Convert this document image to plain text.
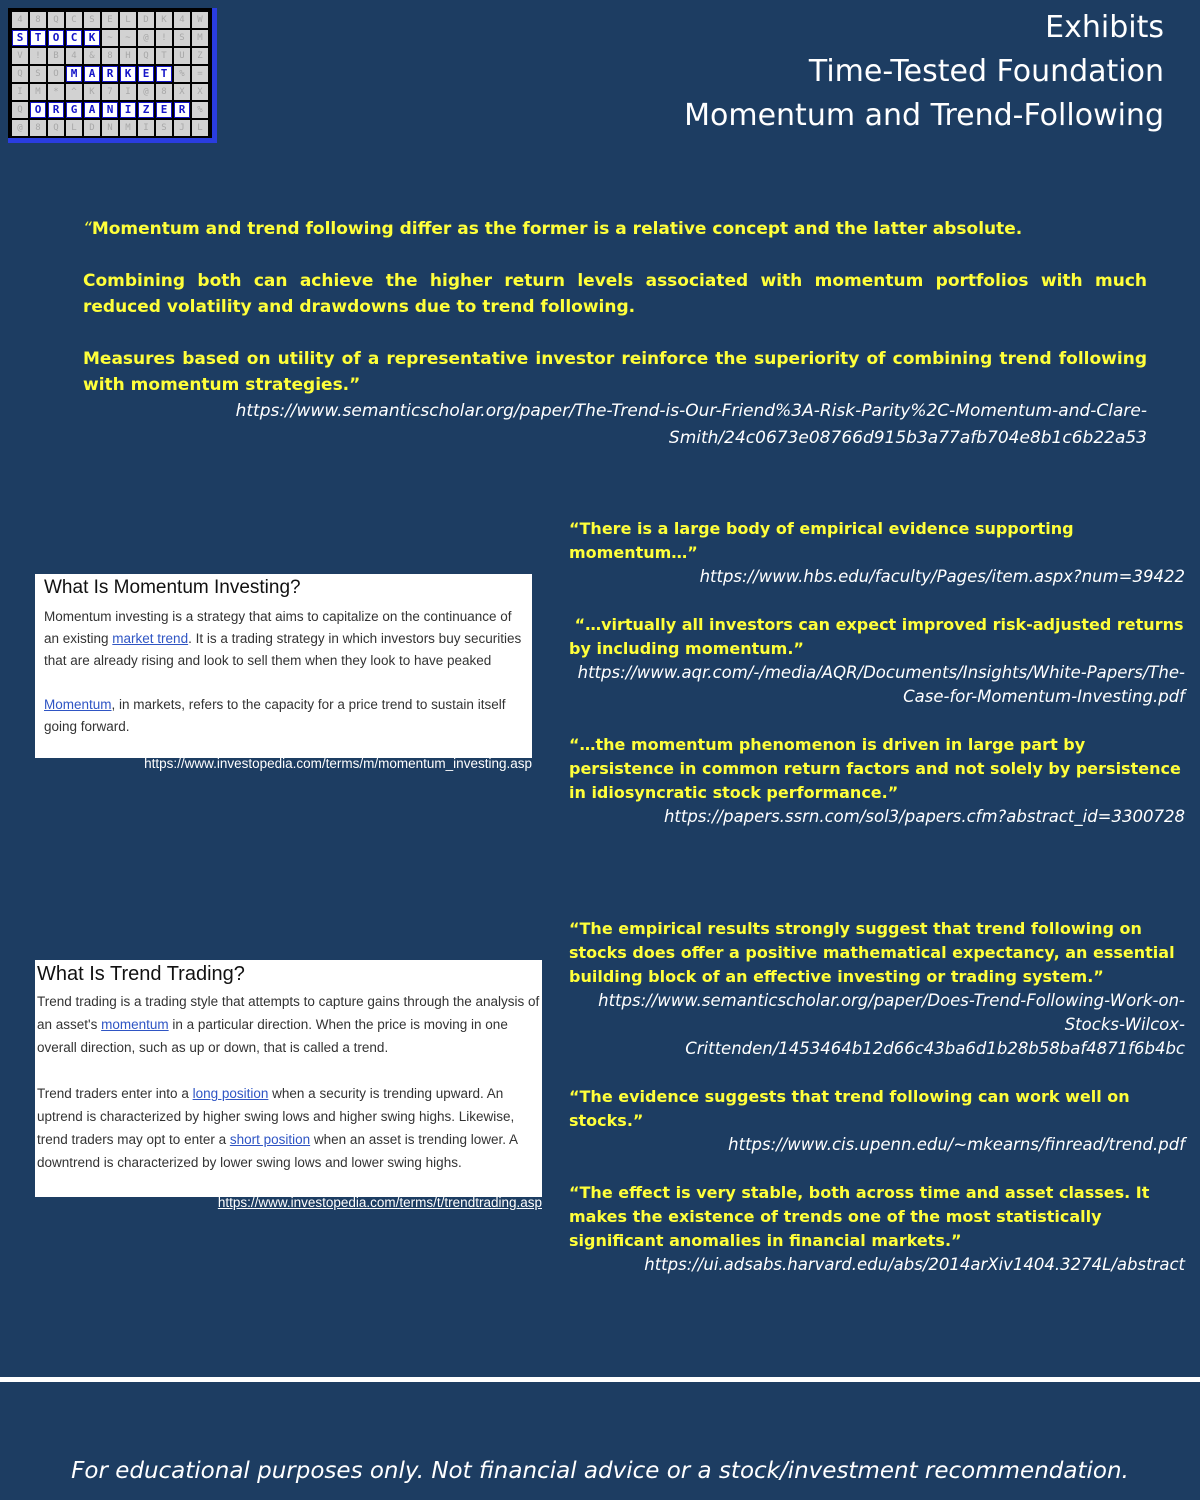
4	8	Q	C	S	E	L	D	K	4	W
S	T	O	C	K	~	~	@	!	S	M
V	!	B	4	&	8	H	Q	T	U	Z
Q	S	O	M	A	R	K	E	T	%	=
I	M	*	^	K	7	I	@	8	X	X
Q	O	R	G	A	N	I	Z	E	R	%
@	8	Q	L	D	N	M	I	S	J	L
Exhibits
Time-Tested Foundation
Momentum and Trend-Following

“Momentum and trend following differ as the former is a relative concept and the latter absolute.

Combining both can achieve the higher return levels associated with momentum portfolios with much reduced volatility and drawdowns due to trend following.

Measures based on utility of a representative investor reinforce the superiority of combining trend following with momentum strategies.”

https://www.semanticscholar.org/paper/The-Trend-is-Our-Friend%3A-Risk-Parity%2C-Momentum-and-Clare-Smith/24c0673e08766d915b3a77afb704e8b1c6b22a53
“There is a large body of empirical evidence supporting momentum…”
https://www.hbs.edu/faculty/Pages/item.aspx?num=39422
“…virtually all investors can expect improved risk-adjusted returns by including momentum.”
https://www.aqr.com/-/media/AQR/Documents/Insights/White-Papers/The-Case-for-Momentum-Investing.pdf
“…the momentum phenomenon is driven in large part by persistence in common return factors and not solely by persistence in idiosyncratic stock performance.”
https://papers.ssrn.com/sol3/papers.cfm?abstract_id=3300728
What Is Momentum Investing?

Momentum investing is a strategy that aims to capitalize on the continuance of an existing market trend. It is a trading strategy in which investors buy securities that are already rising and look to sell them when they look to have peaked

Momentum, in markets, refers to the capacity for a price trend to sustain itself going forward.

https://www.investopedia.com/terms/m/momentum_investing.asp
“The empirical results strongly suggest that trend following on stocks does offer a positive mathematical expectancy, an essential building block of an effective investing or trading system.”
https://www.semanticscholar.org/paper/Does-Trend-Following-Work-on-Stocks-Wilcox-Crittenden/1453464b12d66c43ba6d1b28b58baf4871f6b4bc
“The evidence suggests that trend following can work well on stocks.”
https://www.cis.upenn.edu/~mkearns/finread/trend.pdf
“The effect is very stable, both across time and asset classes. It makes the existence of trends one of the most statistically significant anomalies in financial markets.”
https://ui.adsabs.harvard.edu/abs/2014arXiv1404.3274L/abstract
What Is Trend Trading?

Trend trading is a trading style that attempts to capture gains through the analysis of an asset's momentum in a particular direction. When the price is moving in one overall direction, such as up or down, that is called a trend.

Trend traders enter into a long position when a security is trending upward. An uptrend is characterized by higher swing lows and higher swing highs. Likewise, trend traders may opt to enter a short position when an asset is trending lower. A downtrend is characterized by lower swing lows and lower swing highs.

https://www.investopedia.com/terms/t/trendtrading.asp
For educational purposes only. Not financial advice or a stock/investment recommendation.
